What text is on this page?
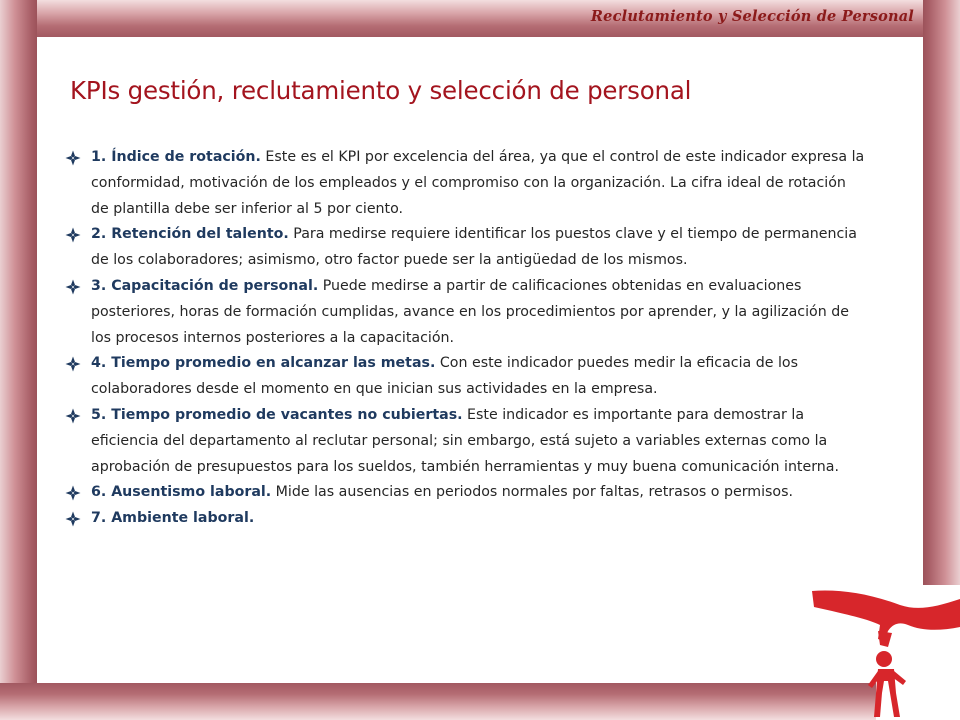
Reclutamiento y Selección de Personal
KPIs gestión, reclutamiento y selección de personal
1. Índice de rotación. Este es el KPI por excelencia del área, ya que el control de este indicador expresa la conformidad, motivación de los empleados y el compromiso con la organización. La cifra ideal de rotación de plantilla debe ser inferior al 5 por ciento.
2. Retención del talento. Para medirse requiere identificar los puestos clave y el tiempo de permanencia de los colaboradores; asimismo, otro factor puede ser la antigüedad de los mismos.
3. Capacitación de personal. Puede medirse a partir de calificaciones obtenidas en evaluaciones posteriores, horas de formación cumplidas, avance en los procedimientos por aprender, y la agilización de los procesos internos posteriores a la capacitación.
4. Tiempo promedio en alcanzar las metas. Con este indicador puedes medir la eficacia de los colaboradores desde el momento en que inician sus actividades en la empresa.
5. Tiempo promedio de vacantes no cubiertas. Este indicador es importante para demostrar la eficiencia del departamento al reclutar personal; sin embargo, está sujeto a variables externas como la aprobación de presupuestos para los sueldos, también herramientas y muy buena comunicación interna.
6. Ausentismo laboral. Mide las ausencias en periodos normales por faltas, retrasos o permisos.
7. Ambiente laboral.
